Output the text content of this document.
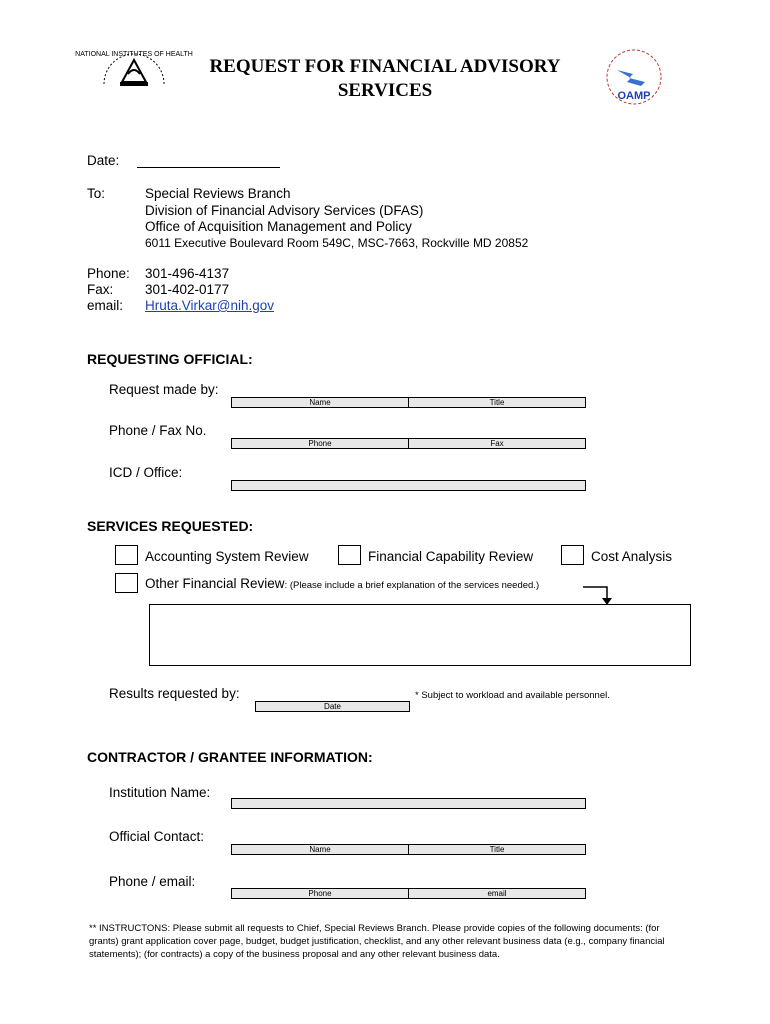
NATIONAL INSTITUTES OF HEALTH
OAMP
REQUEST FOR FINANCIAL ADVISORY
SERVICES
Date:
To:	Special Reviews Branch
Division of Financial Advisory Services (DFAS)
Office of Acquisition Management and Policy
6011 Executive Boulevard Room 549C, MSC-7663, Rockville MD 20852
Phone: 301-496-4137
Fax: 301-402-0177
email: Hruta.Virkar@nih.gov
REQUESTING OFFICIAL:
Request made by:
Name	Title
Phone / Fax No.
Phone	Fax
ICD / Office:
SERVICES REQUESTED:
Accounting System Review	Financial Capability Review	Cost Analysis
Other Financial Review: (Please include a brief explanation of the services needed.)
Results requested by:
Date
* Subject to workload and available personnel.
CONTRACTOR / GRANTEE INFORMATION:
Institution Name:
Official Contact:
Name	Title
Phone / email:
Phone	email
** INSTRUCTONS: Please submit all requests to Chief, Special Reviews Branch. Please provide copies of the following documents: (for grants) grant application cover page, budget, budget justification, checklist, and any other relevant business data (e.g., company financial statements); (for contracts) a copy of the business proposal and any other relevant business data.
